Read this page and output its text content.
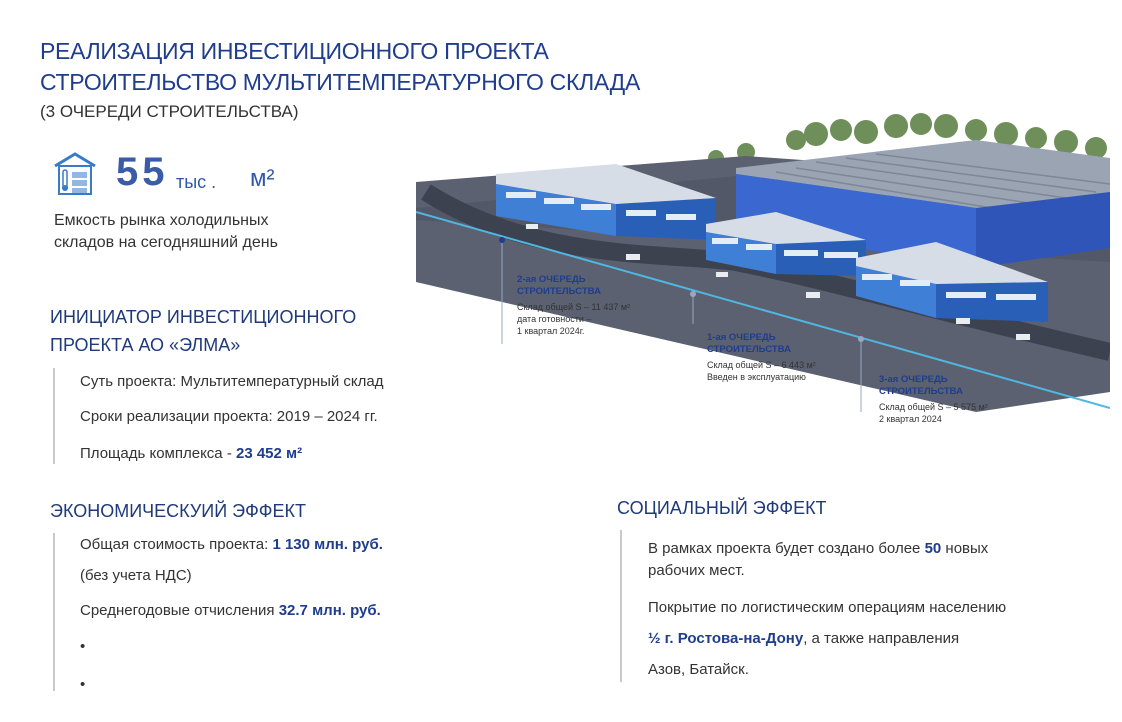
РЕАЛИЗАЦИЯ ИНВЕСТИЦИОННОГО ПРОЕКТА
СТРОИТЕЛЬСТВО МУЛЬТИТЕМПЕРАТУРНОГО СКЛАДА
(3 ОЧЕРЕДИ СТРОИТЕЛЬСТВА)
55 тыс . м²
Емкость рынка холодильных
складов на сегодняшний день
2-ая ОЧЕРЕДЬ
СТРОИТЕЛЬСТВА
Склад общей S – 11 437 м²
дата готовности –
1 квартал 2024г.
1-ая ОЧЕРЕДЬ
СТРОИТЕЛЬСТВА
Склад общей S – 6 443 м²
Введен в эксплуатацию	3-ая ОЧЕРЕДЬ
СТРОИТЕЛЬСТВА
Склад общей S – 5 575 м²
2 квартал 2024
ИНИЦИАТОР ИНВЕСТИЦИОННОГО
ПРОЕКТА АО «ЭЛМА»
Суть проекта: Мультитемпературный склад
Сроки реализации проекта: 2019 – 2024 гг.
Площадь комплекса - 23 452 м²
ЭКОНОМИЧЕСКУИЙ ЭФФЕКТ
Общая стоимость проекта: 1 130 млн. руб.
(без учета НДС)
Среднегодовые отчисления 32.7 млн. руб.
•
•
СОЦИАЛЬНЫЙ ЭФФЕКТ
В рамках проекта будет создано более 50 новых
рабочих мест.
Покрытие по логистическим операциям населению
½ г. Ростова-на-Дону, а также направления
Азов, Батайск.
